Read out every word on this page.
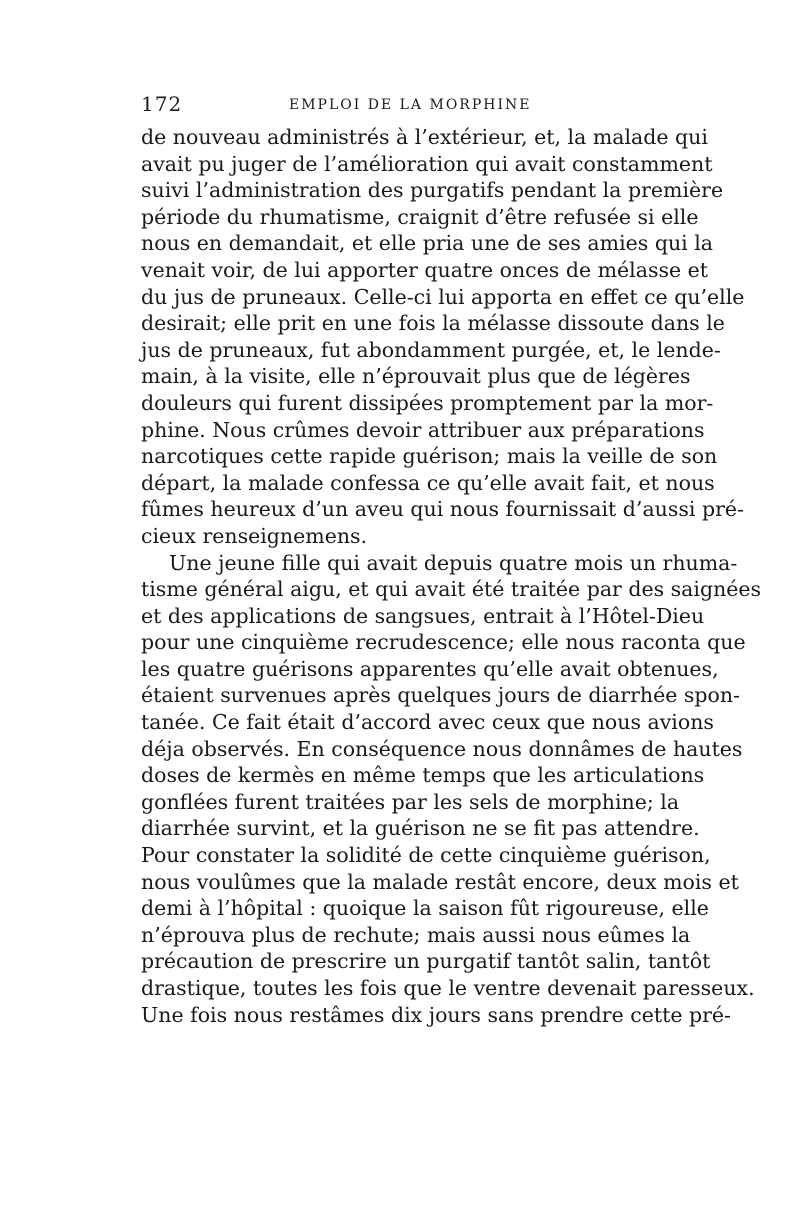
172	EMPLOI DE LA MORPHINE
de nouveau administrés à l’extérieur, et, la malade qui
avait pu juger de l’amélioration qui avait constamment
suivi l’administration des purgatifs pendant la première
période du rhumatisme, craignit d’être refusée si elle
nous en demandait, et elle pria une de ses amies qui la
venait voir, de lui apporter quatre onces de mélasse et
du jus de pruneaux. Celle-ci lui apporta en effet ce qu’elle
desirait; elle prit en une fois la mélasse dissoute dans le
jus de pruneaux, fut abondamment purgée, et, le lende-
main, à la visite, elle n’éprouvait plus que de légères
douleurs qui furent dissipées promptement par la mor-
phine. Nous crûmes devoir attribuer aux préparations
narcotiques cette rapide guérison; mais la veille de son
départ, la malade confessa ce qu’elle avait fait, et nous
fûmes heureux d’un aveu qui nous fournissait d’aussi pré-
cieux renseignemens.
Une jeune fille qui avait depuis quatre mois un rhuma-
tisme général aigu, et qui avait été traitée par des saignées
et des applications de sangsues, entrait à l’Hôtel-Dieu
pour une cinquième recrudescence; elle nous raconta que
les quatre guérisons apparentes qu’elle avait obtenues,
étaient survenues après quelques jours de diarrhée spon-
tanée. Ce fait était d’accord avec ceux que nous avions
déja observés. En conséquence nous donnâmes de hautes
doses de kermès en même temps que les articulations
gonflées furent traitées par les sels de morphine; la
diarrhée survint, et la guérison ne se fit pas attendre.
Pour constater la solidité de cette cinquième guérison,
nous voulûmes que la malade restât encore, deux mois et
demi à l’hôpital : quoique la saison fût rigoureuse, elle
n’éprouva plus de rechute; mais aussi nous eûmes la
précaution de prescrire un purgatif tantôt salin, tantôt
drastique, toutes les fois que le ventre devenait paresseux.
Une fois nous restâmes dix jours sans prendre cette pré-
